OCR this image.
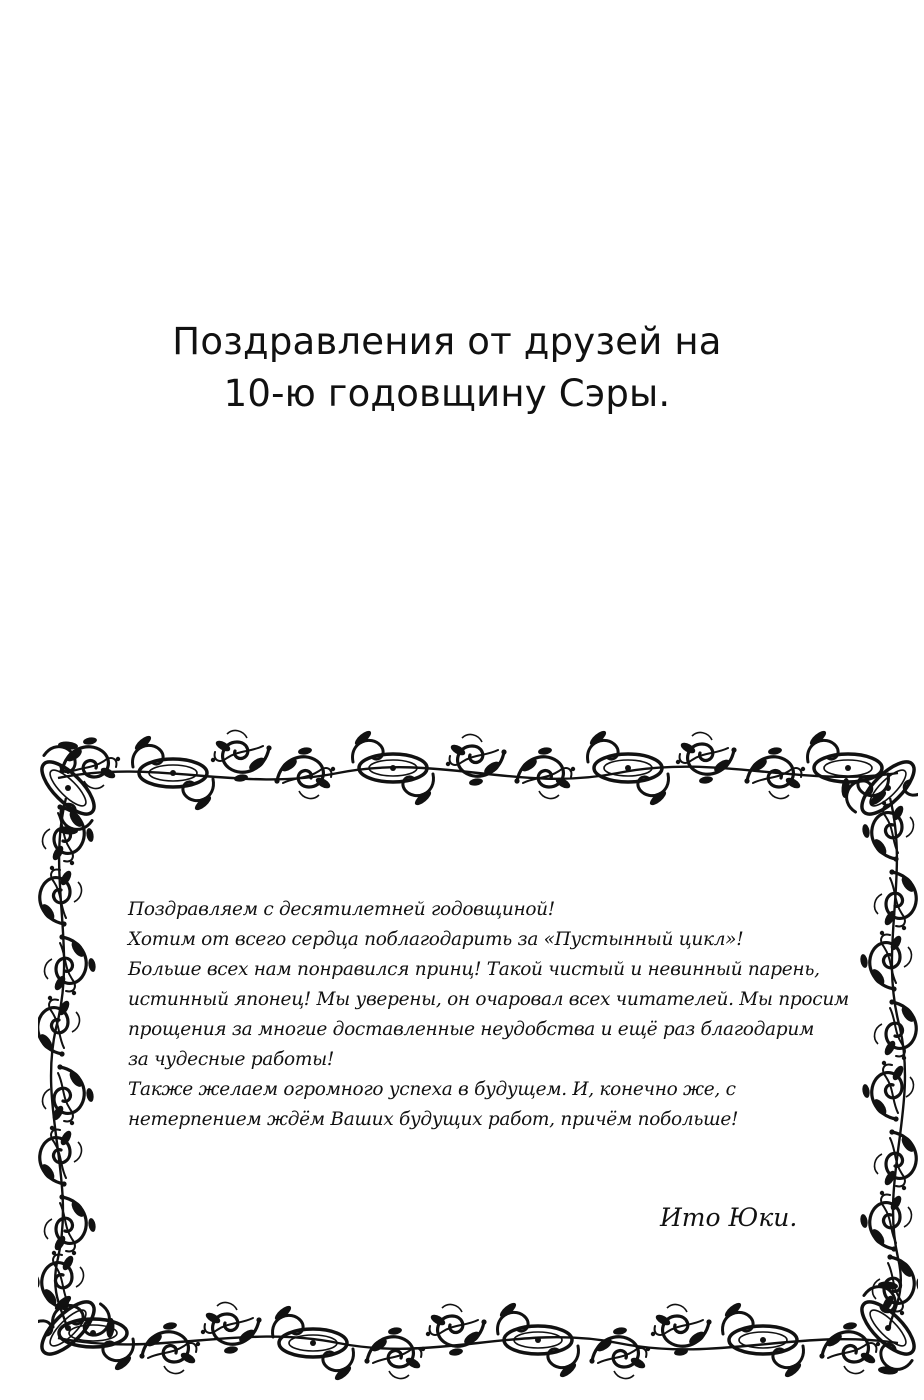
Поздравления от друзей на
10-ю годовщину Сэры.
Поздравляем с десятилетней годовщиной!
Хотим от всего сердца поблагодарить за «Пустынный цикл»!
Больше всех нам понравился принц! Такой чистый и невинный парень,
истинный японец! Мы уверены, он очаровал всех читателей. Мы просим
прощения за многие доставленные неудобства и ещё раз благодарим
за чудесные работы!
Также желаем огромного успеха в будущем. И, конечно же, с
нетерпением ждём Ваших будущих работ, причём побольше!

Ито Юки.
